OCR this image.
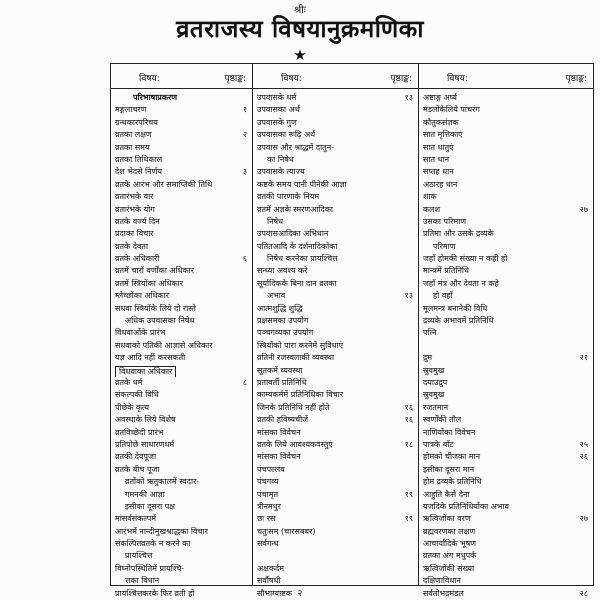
श्रीः
व्रतराजस्य विषयानुक्रमणिका
★
विषय:	पृष्ठाङ्क:
परिभाषाप्रकरण
मङ्गलाचरण	१
ग्रन्थकारपरिचय
व्रतका लक्षण	२
व्रतका समय
व्रतका तिथिकाल
देश भेदसे निर्णय	३
व्रतके आरंभ और समाप्तिकी तिथि
व्रतारंभके वार
व्रतारंभके योग
व्रतके वर्ज्य दिन
प्रदाका विचार
व्रतके देवता
व्रतके अधिकारी	६
व्रतमें चारों वर्णोंका अधिकार
व्रतमें स्त्रियोंका अधिकार
म्लेच्छोंका अधिकार
सधवा स्त्रियोंके लिये दो रास्ते
अधिक उपवासका निषेध
विधवाओंके प्रारंभ
सधवाको पतिकी आज्ञासे अधिकार
यज्ञ आदि नहीं करसकती
विधवाका अधिकार
व्रतके धर्म	८
संकल्पकी विधि
पीछेके कृत्य
अवस्थाके लिये विशेष
व्रतविच्छेदी प्रारंभ
प्रतिपोछे साधारणधर्म
व्रतकी देवपूजा
व्रतके बीच पूजा
व्रतोंको ऋतुकालमें स्वदार-
गमनकी आज्ञा
इसीका दूसरा पक्ष
मांसर्वसंकल्पमें
आरंभमें नान्दीमुखश्राद्धका विचार
संकल्पितव्रतके न करने का
प्रायश्चित्त
विघ्नोपस्थितिमें प्रायश्चि-
त्तका विधान
प्रायश्चित्तकरके फिर व्रती हो
विषय:	पृष्ठाङ्क:
उपवासके धर्म	१३
उपवासका अर्थ
उपवासके गुण
उपवासका रूढ़ि अर्थ
उपवास और श्राद्धमें दातुन-
का निषेध
उपवासके त्याज्य
कष्टके समय पानी पीनेकी आज्ञा
व्रतकी पारणाके नियम
व्रतमें अज्ञके स्मरणआदिका
निषेध
उपवासआदिका अभिधान
पतितआदि के दर्शनादिकोंका
निषेध करनेका प्रायश्चित्त
सन्ध्या अवश्य करे
सूर्यादिकके बिना दान व्रतका
अभाव	१३
आत्मशुद्धि शुद्धि
प्रक्षसमका उपयोग
पञ्चगव्यका उपयोग
स्त्रियोंको पारा करनेमें सुविधाएं
व्रतिनी रजस्वलाकी व्यवस्था
सूतकमें व्यवस्था
प्रतावर्ती प्रतिनिधि
काम्यकर्ममें प्रतिनिधिका विचार
जिनके प्रतिनिधि नहीं होते	१६
व्रतकी हविष्यचीजें	१६
मांसका विवेचन
व्रतके लिये आवश्यकवस्तुएं	१८
मांसका विवेचन
पंचपल्लव
पंचगव्य
पंचामृत	१९
त्रीनमधुर
छः रस	१९
चतुःसम (चारसबबर)
सर्वगन्ध
अक्षकर्दम
सर्वौषधी
सौभाग्याष्टक
विषय:	पृष्ठाङ्क:
अष्टाङ्ग अर्घ्य
मंडलोंकेलिये पांचरंग
कौतुकसंज्ञक
सात मृत्तिकाएं
सात धातुएं
सात धान
सप्तह धान
अठारह धान
शाक
कलश	२७
उसका परिमाण
प्रतिमा और उसके द्रव्यके
परिमाण
जहाँ होमकी संख्या न कही हो
मान्त्रमें प्रतिनिधि
जहाँ मंत्र और देवता न कहे
हो वहाँ
मूलमन्त्र बनानेकी विधि
द्रव्यके अभावमें प्रतिनिधि
पत्नि
द्रुम	२१
स्रुवमुख
दयाउद्रुप
स्रुवमुख
रजतमान
स्वर्णोंकी तौल
नाणियोंका विवेचन
पात्रके बाँट	२५
होमको चीजका मान	२६
इसीका दूसरा मान
होम द्रव्यके प्रतिनिधि
आहुति कैसे देना
यजदिके प्रतिनिधियोंका अभाव
ऋत्विजोंका वरण	२७
ब्रह्मवरणका लक्षण
आचार्यादिके भूषण
व्रतका अंग मधुपर्क
ऋत्विजोंकी संख्या
दक्षिणाविधान
सर्वतोभद्रमंडल	२८
२
